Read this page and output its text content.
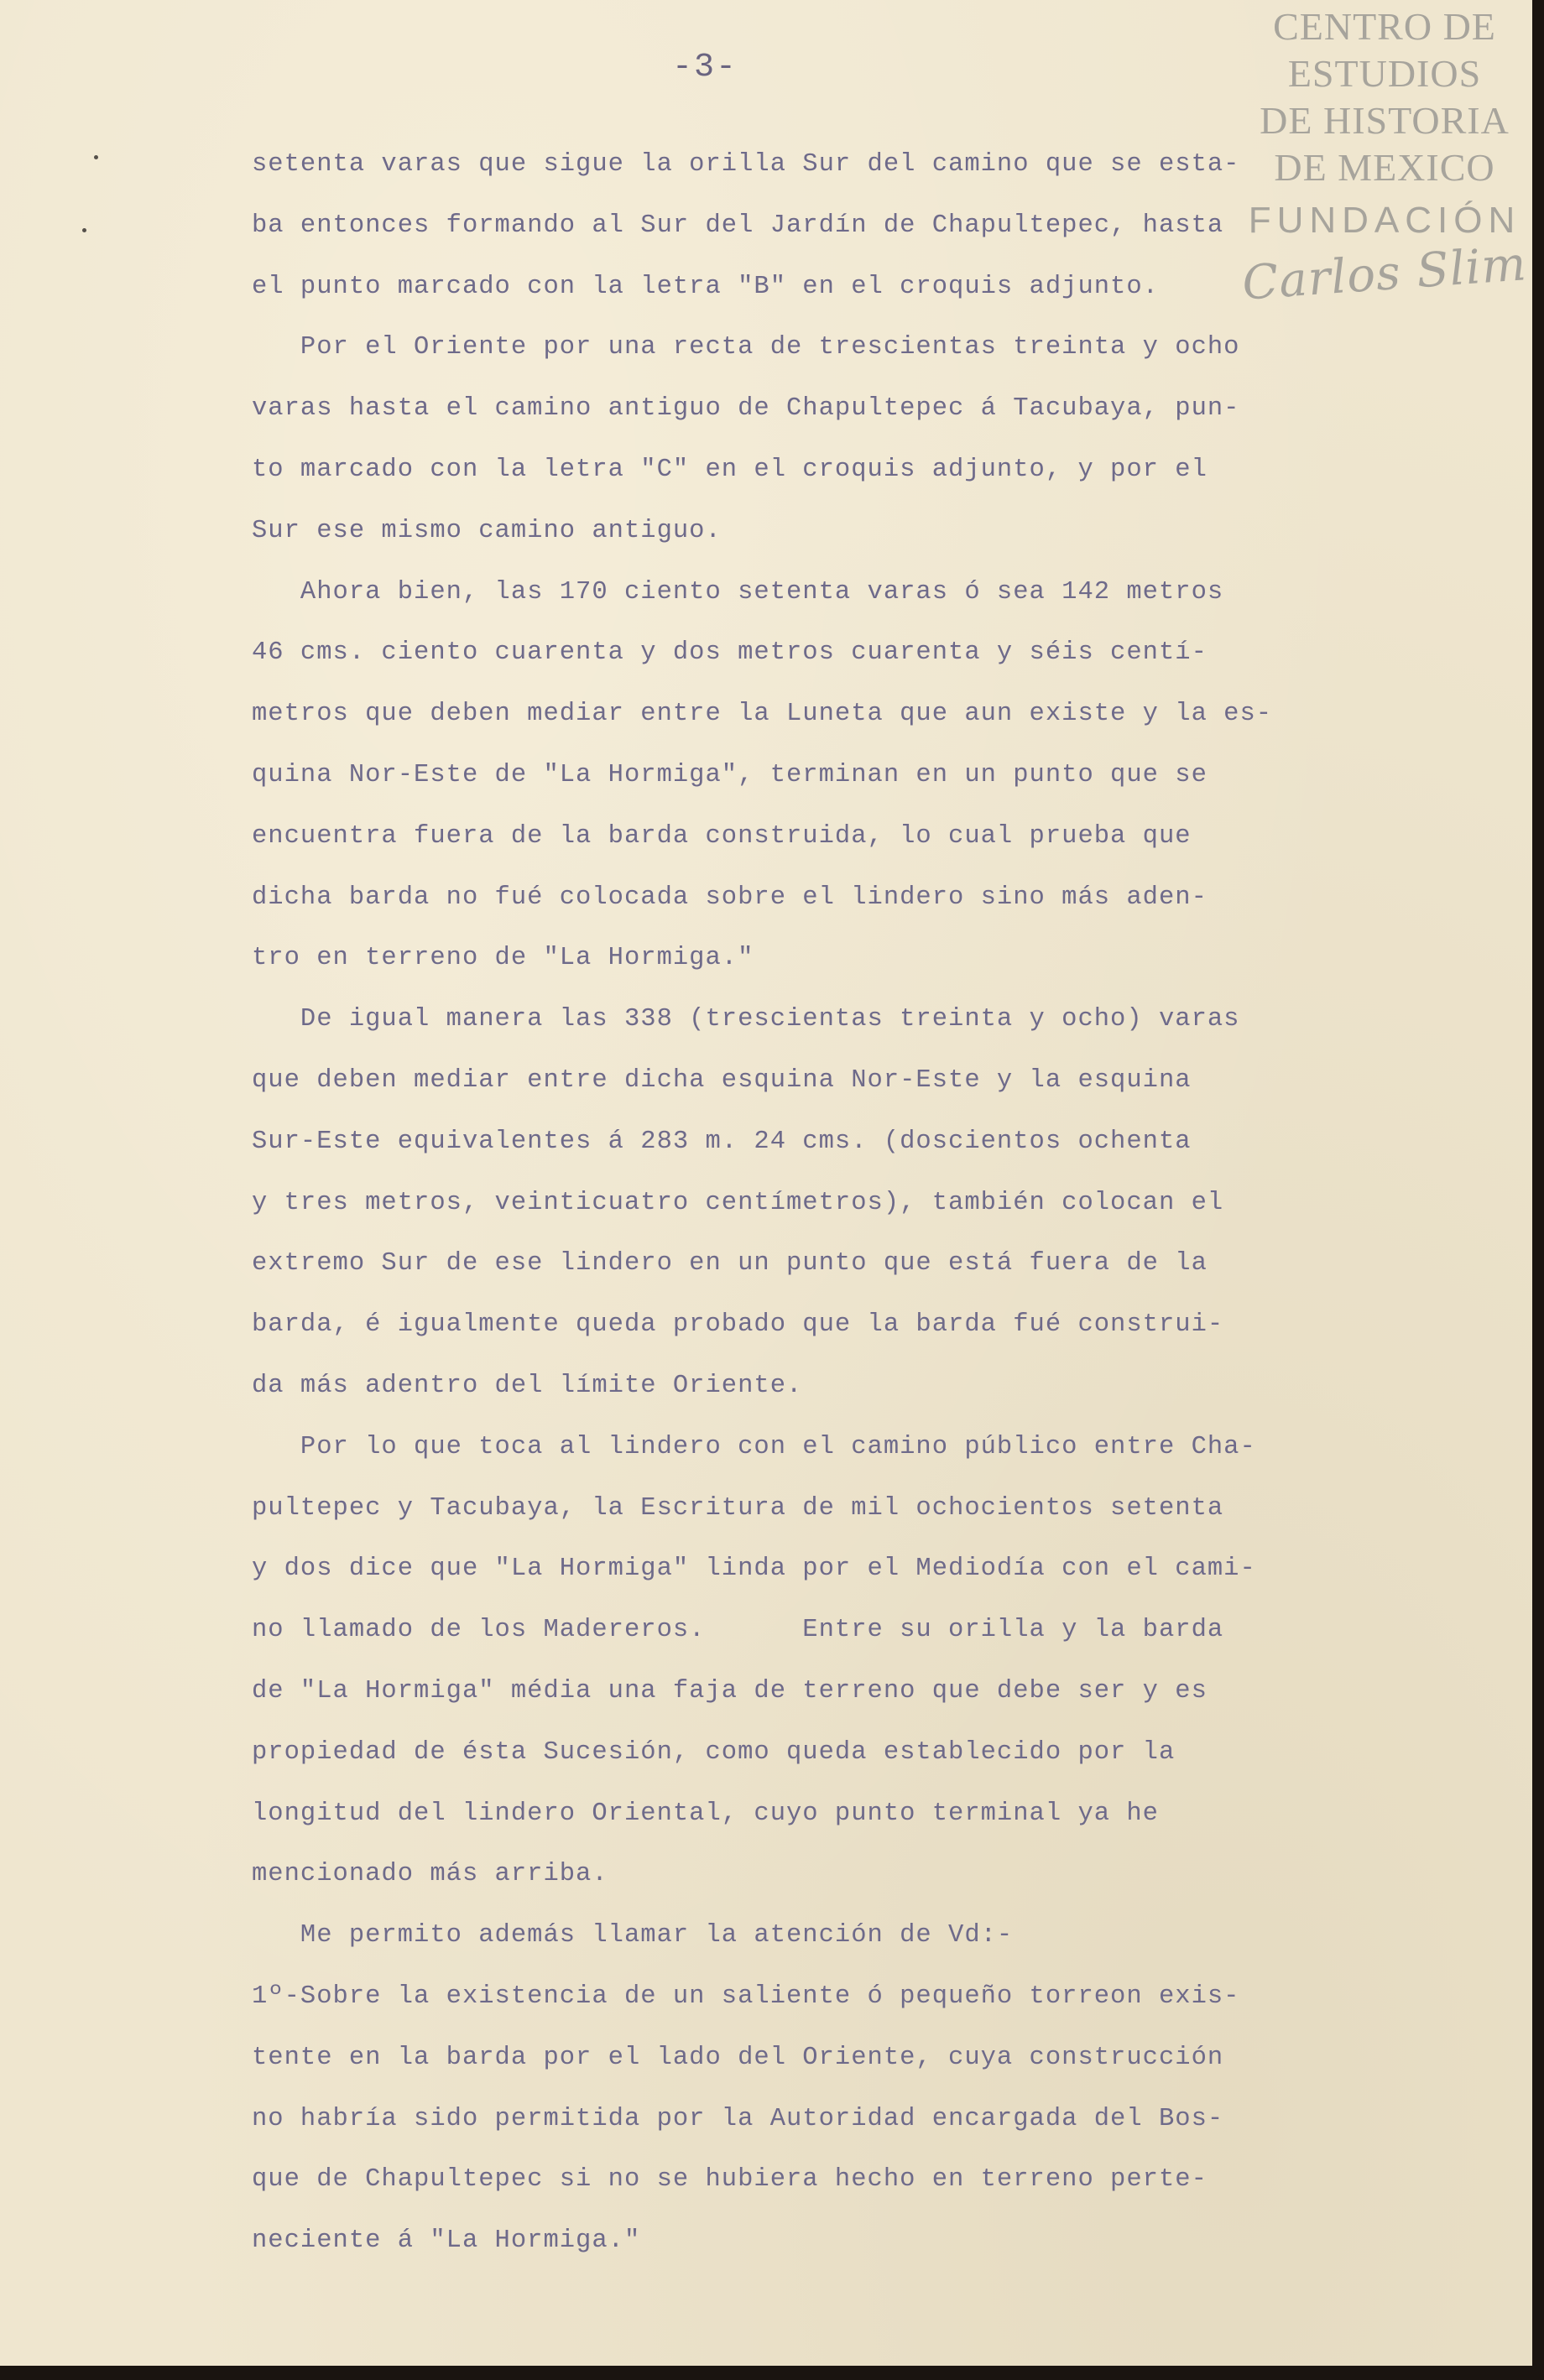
-3-
setenta varas que sigue la orilla Sur del camino que se esta-
ba entonces formando al Sur del Jardín de Chapultepec, hasta
el punto marcado con la letra "B" en el croquis adjunto.
Por el Oriente por una recta de trescientas treinta y ocho
varas hasta el camino antiguo de Chapultepec á Tacubaya, pun-
to marcado con la letra "C" en el croquis adjunto, y por el
Sur ese mismo camino antiguo.
Ahora bien, las 170 ciento setenta varas ó sea 142 metros
46 cms. ciento cuarenta y dos metros cuarenta y séis centí-
metros que deben mediar entre la Luneta que aun existe y la es-
quina Nor-Este de "La Hormiga", terminan en un punto que se
encuentra fuera de la barda construida, lo cual prueba que
dicha barda no fué colocada sobre el lindero sino más aden-
tro en terreno de "La Hormiga."
De igual manera las 338 (trescientas treinta y ocho) varas
que deben mediar entre dicha esquina Nor-Este y la esquina
Sur-Este equivalentes á 283 m. 24 cms. (doscientos ochenta
y tres metros, veinticuatro centímetros), también colocan el
extremo Sur de ese lindero en un punto que está fuera de la
barda, é igualmente queda probado que la barda fué construi-
da más adentro del límite Oriente.
Por lo que toca al lindero con el camino público entre Cha-
pultepec y Tacubaya, la Escritura de mil ochocientos setenta
y dos dice que "La Hormiga" linda por el Mediodía con el cami-
no llamado de los Madereros.      Entre su orilla y la barda
de "La Hormiga" média una faja de terreno que debe ser y es
propiedad de ésta Sucesión, como queda establecido por la
longitud del lindero Oriental, cuyo punto terminal ya he
mencionado más arriba.
Me permito además llamar la atención de Vd:-
1º-Sobre la existencia de un saliente ó pequeño torreon exis-
tente en la barda por el lado del Oriente, cuya construcción
no habría sido permitida por la Autoridad encargada del Bos-
que de Chapultepec si no se hubiera hecho en terreno perte-
neciente á "La Hormiga."
CENTRO DE
ESTUDIOS
DE HISTORIA
DE MEXICO
FUNDACIÓN
Carlos Slim
